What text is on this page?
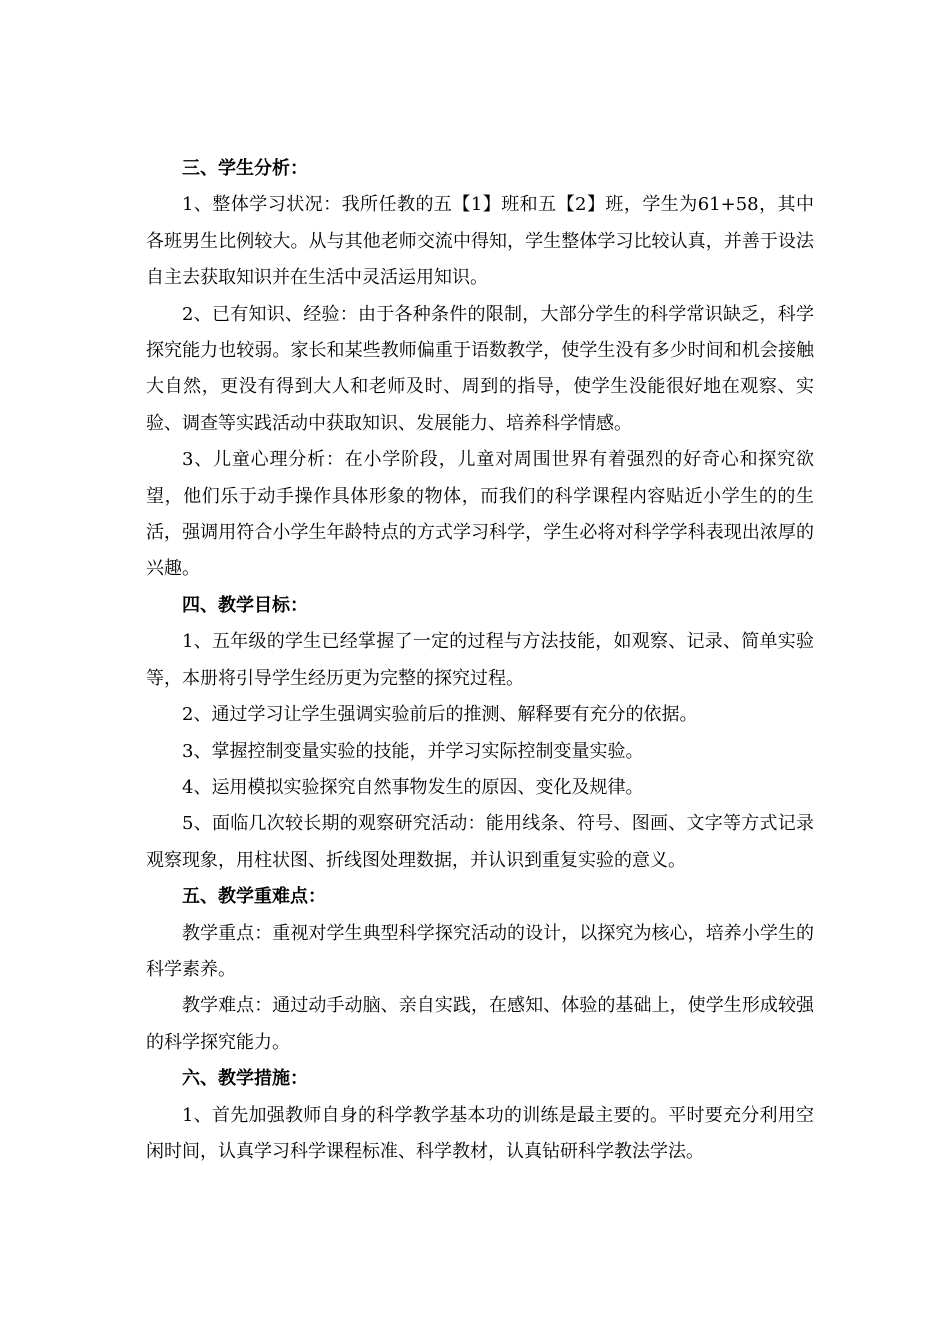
三、学生分析：

1、整体学习状况：我所任教的五【1】班和五【2】班，学生为61+58，其中各班男生比例较大。从与其他老师交流中得知，学生整体学习比较认真，并善于设法自主去获取知识并在生活中灵活运用知识。

2、已有知识、经验：由于各种条件的限制，大部分学生的科学常识缺乏，科学探究能力也较弱。家长和某些教师偏重于语数教学，使学生没有多少时间和机会接触大自然，更没有得到大人和老师及时、周到的指导，使学生没能很好地在观察、实验、调查等实践活动中获取知识、发展能力、培养科学情感。

3、儿童心理分析：在小学阶段，儿童对周围世界有着强烈的好奇心和探究欲望，他们乐于动手操作具体形象的物体，而我们的科学课程内容贴近小学生的的生活，强调用符合小学生年龄特点的方式学习科学，学生必将对科学学科表现出浓厚的兴趣。

四、教学目标：

1、五年级的学生已经掌握了一定的过程与方法技能，如观察、记录、简单实验等，本册将引导学生经历更为完整的探究过程。

2、通过学习让学生强调实验前后的推测、解释要有充分的依据。

3、掌握控制变量实验的技能，并学习实际控制变量实验。

4、运用模拟实验探究自然事物发生的原因、变化及规律。

5、面临几次较长期的观察研究活动：能用线条、符号、图画、文字等方式记录观察现象，用柱状图、折线图处理数据，并认识到重复实验的意义。

五、教学重难点：

教学重点：重视对学生典型科学探究活动的设计，以探究为核心，培养小学生的科学素养。

教学难点：通过动手动脑、亲自实践，在感知、体验的基础上，使学生形成较强的科学探究能力。

六、教学措施：

1、首先加强教师自身的科学教学基本功的训练是最主要的。平时要充分利用空闲时间，认真学习科学课程标准、科学教材，认真钻研科学教法学法。
